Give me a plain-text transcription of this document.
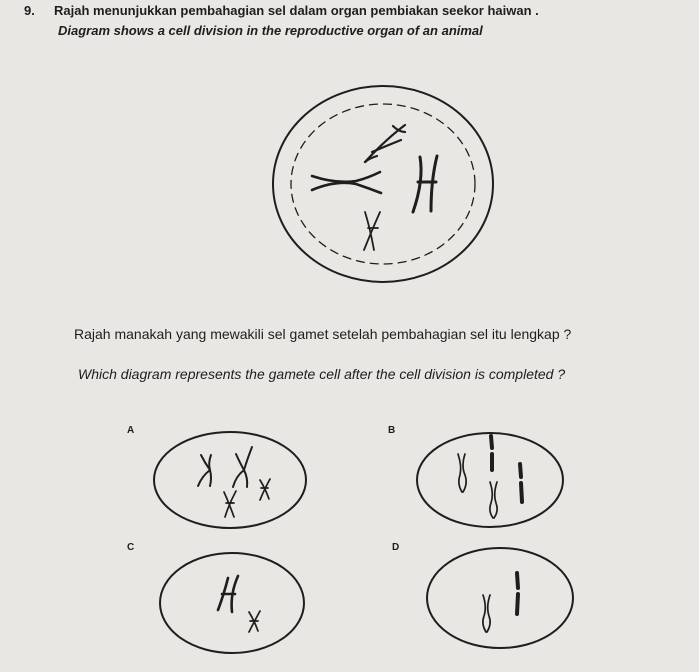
9. Rajah menunjukkan pembahagian sel dalam organ pembiakan seekor haiwan .
Diagram shows a cell division in the reproductive organ of an animal
Rajah manakah yang mewakili sel gamet setelah pembahagian sel itu lengkap ?
Which diagram represents the gamete cell after the cell division is completed ?
A	B
C	D
